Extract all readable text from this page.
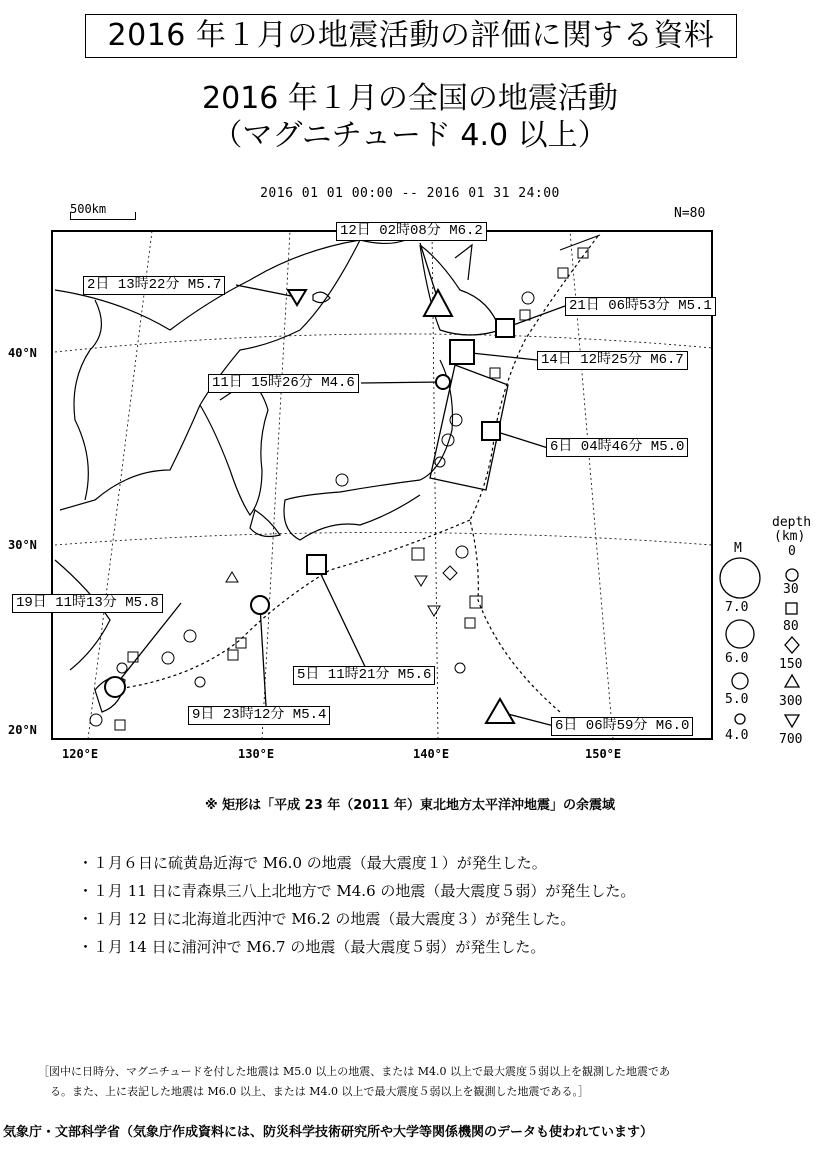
2016 年１月の地震活動の評価に関する資料
2016 年１月の全国の地震活動
（マグニチュード 4.0 以上）
2016 01 01 00:00 -- 2016 01 31 24:00
N=80
500km
40°N
30°N
20°N
120°E	130°E	140°E	150°E
12日 02時08分 M6.2
2日 13時22分 M5.7
21日 06時53分 M5.1
14日 12時25分 M6.7
11日 15時26分 M4.6
6日 04時46分 M5.0
19日 11時13分 M5.8
5日 11時21分 M5.6
9日 23時12分 M5.4
6日 06時59分 M6.0
M
7.0
6.0
5.0
4.0
depth
(km)
0
30
80
150
300
700
※ 矩形は「平成 23 年（2011 年）東北地方太平洋沖地震」の余震域
・１月６日に硫黄島近海で M6.0 の地震（最大震度１）が発生した。
・１月 11 日に青森県三八上北地方で M4.6 の地震（最大震度５弱）が発生した。
・１月 12 日に北海道北西沖で M6.2 の地震（最大震度３）が発生した。
・１月 14 日に浦河沖で M6.7 の地震（最大震度５弱）が発生した。
［図中に日時分、マグニチュードを付した地震は M5.0 以上の地震、または M4.0 以上で最大震度５弱以上を観測した地震であ
る。また、上に表記した地震は M6.0 以上、または M4.0 以上で最大震度５弱以上を観測した地震である。］
気象庁・文部科学省（気象庁作成資料には、防災科学技術研究所や大学等関係機関のデータも使われています）
